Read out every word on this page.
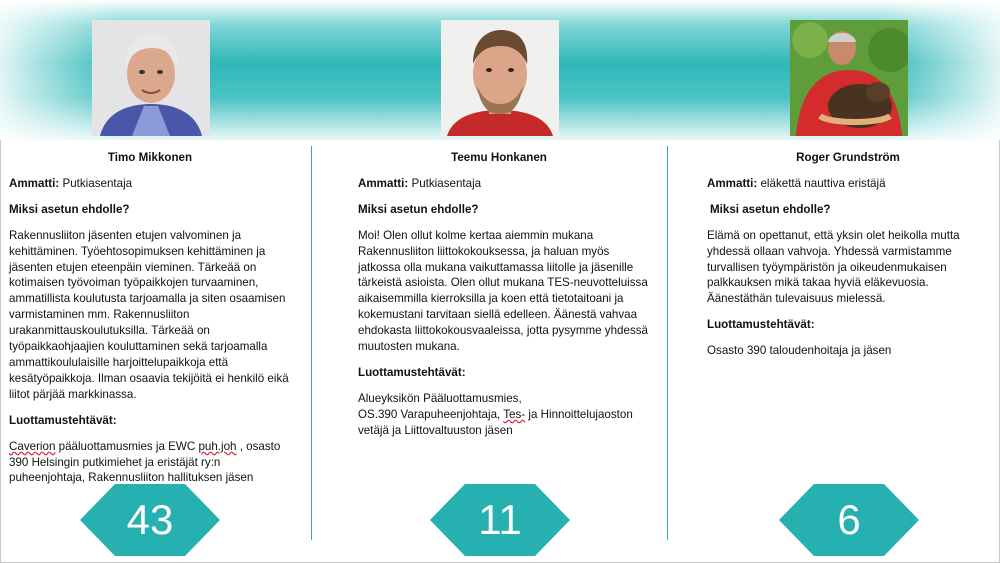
Timo Mikkonen

Ammatti: Putkiasentaja

Miksi asetun ehdolle?

Rakennusliiton jäsenten etujen valvominen ja kehittäminen. Työehtosopimuksen kehittäminen ja jäsenten etujen eteenpäin vieminen. Tärkeää on kotimaisen työvoiman työpaikkojen turvaaminen, ammatillista koulutusta tarjoamalla ja siten osaamisen varmistaminen mm. Rakennusliiton urakanmittauskoulutuksilla. Tärkeää on työpaikkaohjaajien kouluttaminen sekä tarjoamalla ammattikoululaisille harjoittelupaikkoja että kesätyöpaikkoja. Ilman osaavia tekijöitä ei henkilö eikä liitot pärjää markkinassa.

Luottamustehtävät:

Caverion pääluottamusmies ja EWC puh.joh , osasto 390 Helsingin putkimiehet ja eristäjät ry:n puheenjohtaja, Rakennusliiton hallituksen jäsen

Teemu Honkanen

Ammatti: Putkiasentaja

Miksi asetun ehdolle?

Moi! Olen ollut kolme kertaa aiemmin mukana Rakennusliiton liittokokouksessa, ja haluan myös jatkossa olla mukana vaikuttamassa liitolle ja jäsenille tärkeistä asioista. Olen ollut mukana TES-neuvotteluissa aikaisemmilla kierroksilla ja koen että tietotaitoani ja kokemustani tarvitaan siellä edelleen. Äänestä vahvaa ehdokasta liittokokousvaaleissa, jotta pysymme yhdessä muutosten mukana.

Luottamustehtävät:

Alueyksikön Pääluottamusmies,

OS.390 Varapuheenjohtaja, Tes- ja Hinnoittelujaoston

vetäjä ja Liittovaltuuston jäsen

Roger Grundström

Ammatti: eläkettä nauttiva eristäjä

Miksi asetun ehdolle?

Elämä on opettanut, että yksin olet heikolla mutta yhdessä ollaan vahvoja. Yhdessä varmistamme turvallisen työympäristön ja oikeudenmukaisen palkkauksen mikä takaa hyviä eläkevuosia. Äänestäthän tulevaisuus mielessä.

Luottamustehtävät:

Osasto 390 taloudenhoitaja ja jäsen

43	11	6
